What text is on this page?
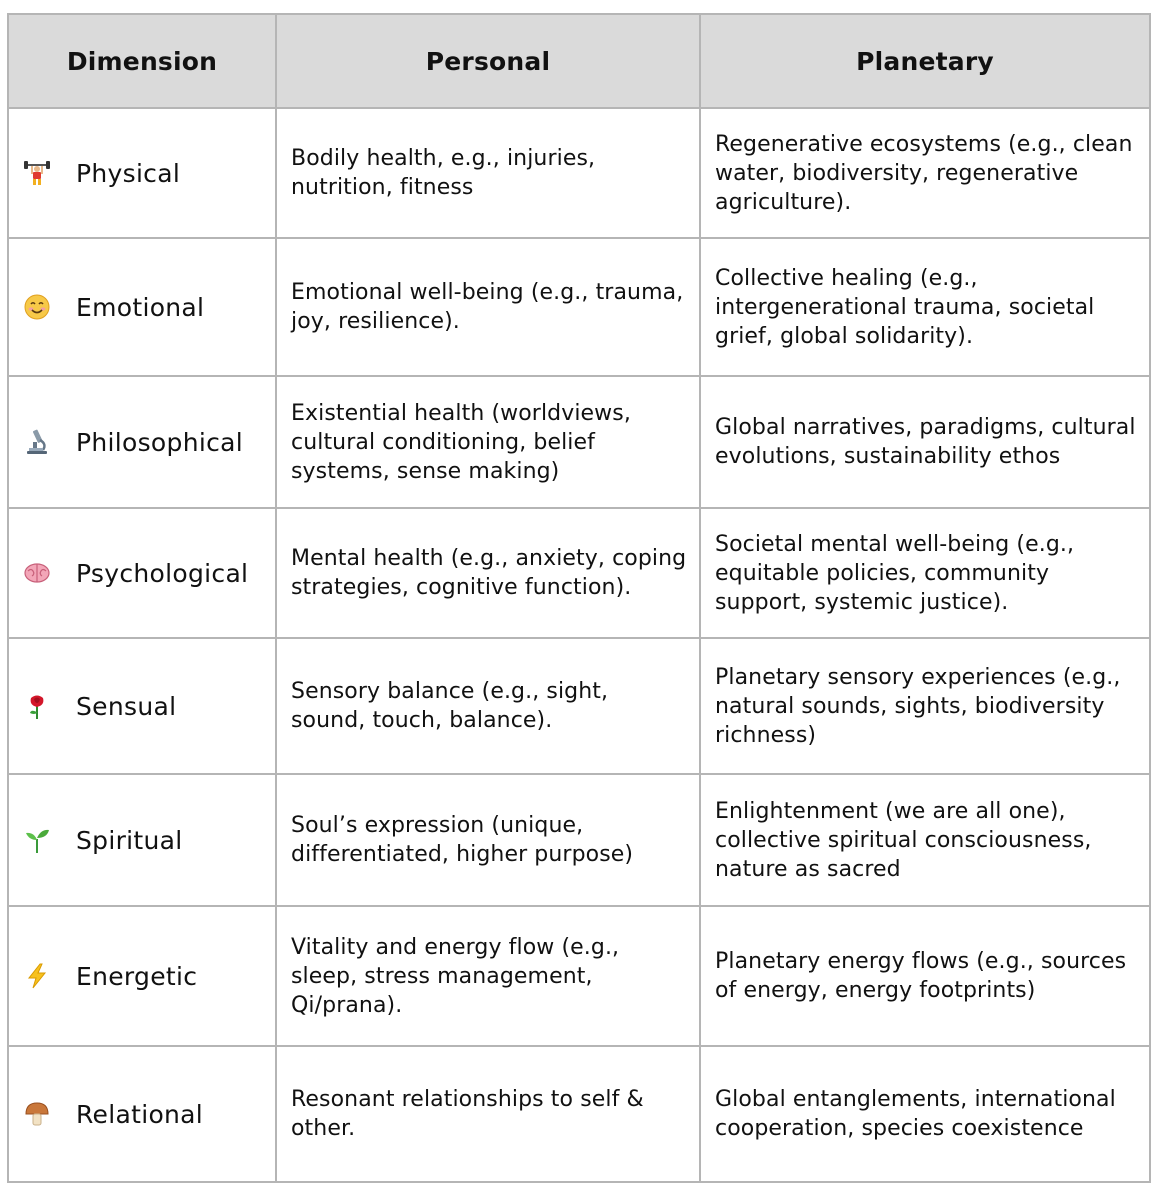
Dimension	Personal	Planetary

Physical	Bodily health, e.g., injuries, nutrition, fitness	Regenerative ecosystems (e.g., clean water, biodiversity, regenerative agriculture).

Emotional	Emotional well-being (e.g., trauma, joy, resilience).	Collective healing (e.g., intergenerational trauma, societal grief, global solidarity).

Philosophical	Existential health (worldviews, cultural conditioning, belief systems, sense making)	Global narratives, paradigms, cultural evolutions, sustainability ethos

Psychological	Mental health (e.g., anxiety, coping strategies, cognitive function).	Societal mental well-being (e.g., equitable policies, community support, systemic justice).

Sensual	Sensory balance (e.g., sight, sound, touch, balance).	Planetary sensory experiences (e.g., natural sounds, sights, biodiversity richness)

Spiritual	Soul’s expression (unique, differentiated, higher purpose)	Enlightenment (we are all one), collective spiritual consciousness, nature as sacred

Energetic	Vitality and energy flow (e.g., sleep, stress management, Qi/prana).	Planetary energy flows (e.g., sources of energy, energy footprints)

Relational	Resonant relationships to self & other.	Global entanglements, international cooperation, species coexistence
